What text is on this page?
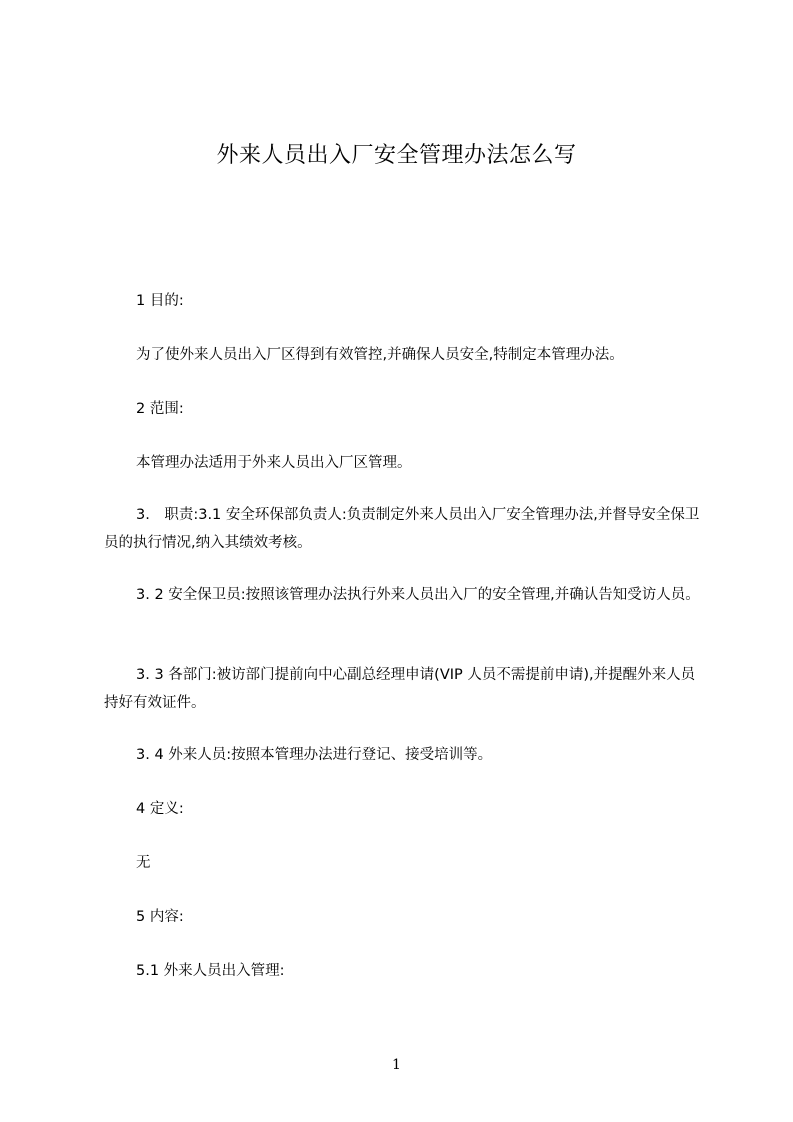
外来人员出入厂安全管理办法怎么写
1 目的:
为了使外来人员出入厂区得到有效管控,并确保人员安全,特制定本管理办法。
2 范围:
本管理办法适用于外来人员出入厂区管理。
3.　职责:3.1 安全环保部负责人:负责制定外来人员出入厂安全管理办法,并督导安全保卫员的执行情况,纳入其绩效考核。
3. 2 安全保卫员:按照该管理办法执行外来人员出入厂的安全管理,并确认告知受访人员。
3. 3 各部门:被访部门提前向中心副总经理申请(VIP 人员不需提前申请),并提醒外来人员持好有效证件。
3. 4 外来人员:按照本管理办法进行登记、接受培训等。
4 定义:
无
5 内容:
5.1 外来人员出入管理:
1
